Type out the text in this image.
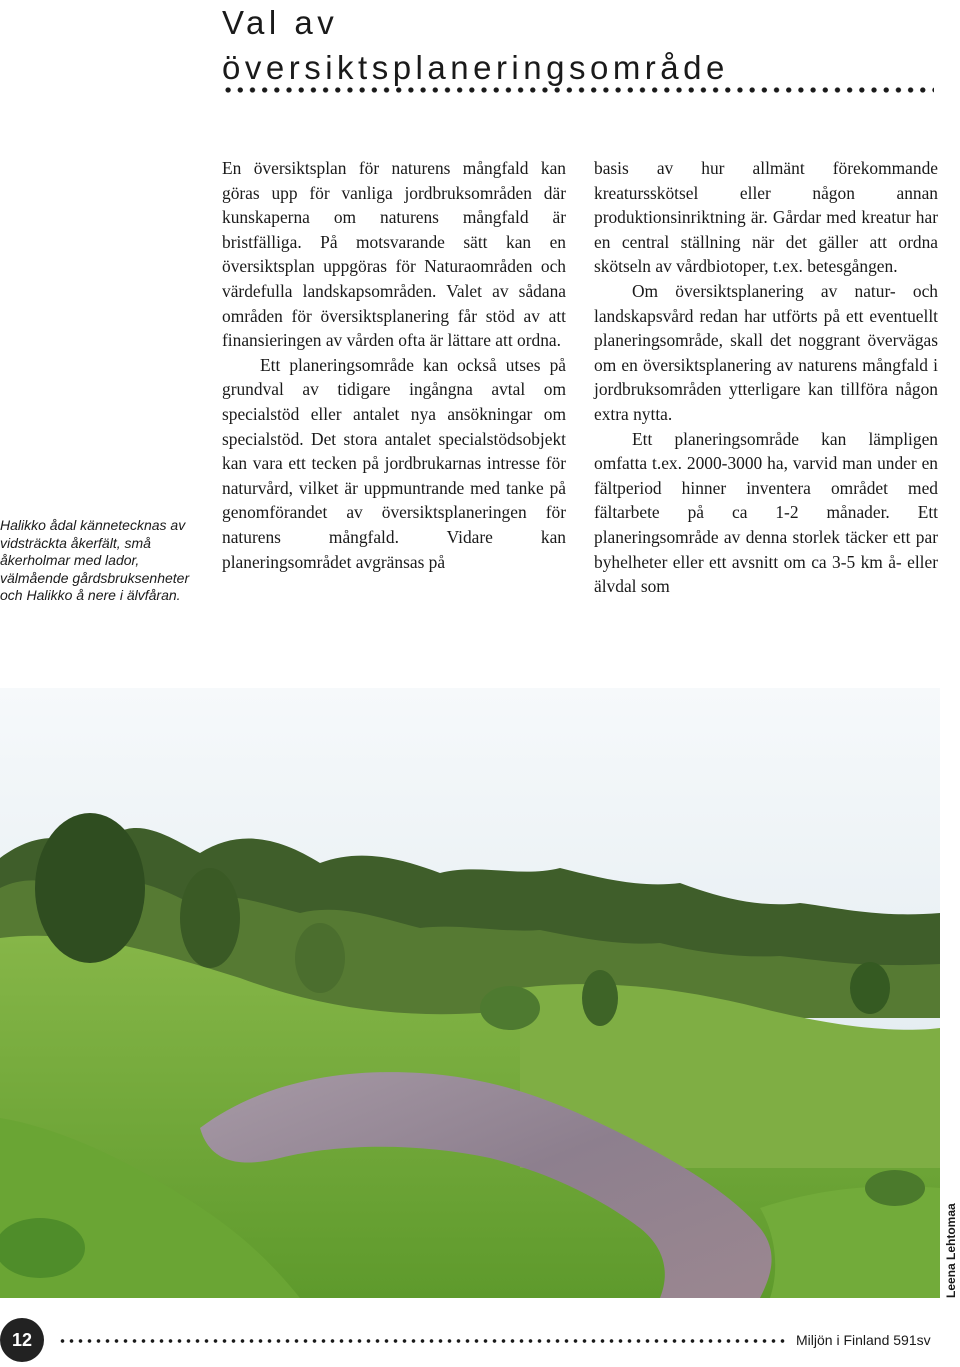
Val av
översiktsplaneringsområde

Halikko ådal kännetecknas av vidsträckta åkerfält, små åkerholmar med lador, välmående gårdsbruksenheter och Halikko å nere i älvfåran.

En översiktsplan för naturens mångfald kan göras upp för vanliga jordbruksområden där kunskaperna om naturens mångfald är bristfälliga. På motsvarande sätt kan en översiktsplan uppgöras för Naturaområden och värdefulla landskapsområden. Valet av sådana områden för översiktsplanering får stöd av att finansieringen av vården ofta är lättare att ordna.

Ett planeringsområde kan också utses på grundval av tidigare ingångna avtal om specialstöd eller antalet nya ansökningar om specialstöd. Det stora antalet specialstödsobjekt kan vara ett tecken på jordbrukarnas intresse för naturvård, vilket är uppmuntrande med tanke på genomförandet av översiktsplaneringen för naturens mångfald. Vidare kan planeringsområdet avgränsas på

basis av hur allmänt förekommande kreatursskötsel eller någon annan produktionsinriktning är. Gårdar med kreatur har en central ställning när det gäller att ordna skötseln av vårdbiotoper, t.ex. betesgången.

Om översiktsplanering av natur- och landskapsvård redan har utförts på ett eventuellt planeringsområde, skall det noggrant övervägas om en översiktsplanering av naturens mångfald i jordbruksområden ytterligare kan tillföra någon extra nytta.

Ett planeringsområde kan lämpligen omfatta t.ex. 2000-3000 ha, varvid man under en fältperiod hinner inventera området med fältarbete på ca 1-2 månader. Ett planeringsområde av denna storlek täcker ett par byhelheter eller ett avsnitt om ca 3-5 km å- eller älvdal som

Leena Lehtomaa
12	Miljön i Finland 591sv
